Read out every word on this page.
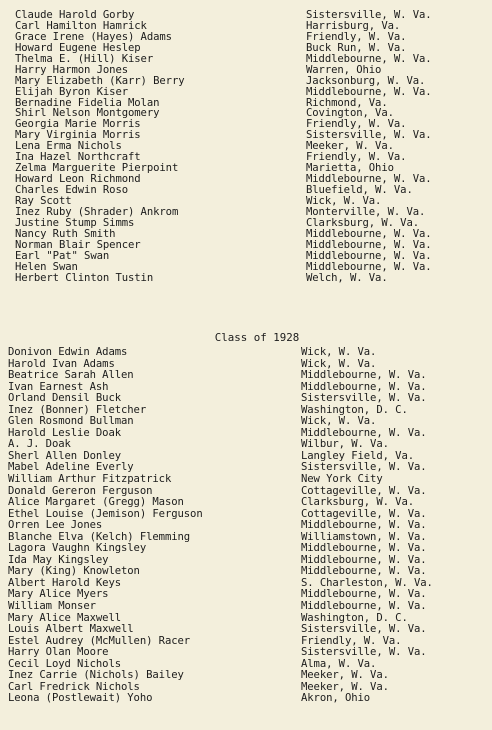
Claude Harold Gorby	Sistersville, W. Va.
Carl Hamilton Hamrick	Harrisburg, Va.
Grace Irene (Hayes) Adams	Friendly, W. Va.
Howard Eugene Heslep	Buck Run, W. Va.
Thelma E. (Hill) Kiser	Middlebourne, W. Va.
Harry Harmon Jones	Warren, Ohio
Mary Elizabeth (Karr) Berry	Jacksonburg, W. Va.
Elijah Byron Kiser	Middlebourne, W. Va.
Bernadine Fidelia Molan	Richmond, Va.
Shirl Nelson Montgomery	Covington, Va.
Georgia Marie Morris	Friendly, W. Va.
Mary Virginia Morris	Sistersville, W. Va.
Lena Erma Nichols	Meeker, W. Va.
Ina Hazel Northcraft	Friendly, W. Va.
Zelma Marguerite Pierpoint	Marietta, Ohio
Howard Leon Richmond	Middlebourne, W. Va.
Charles Edwin Roso	Bluefield, W. Va.
Ray Scott	Wick, W. Va.
Inez Ruby (Shrader) Ankrom	Monterville, W. Va.
Justine Stump Simms	Clarksburg, W. Va.
Nancy Ruth Smith	Middlebourne, W. Va.
Norman Blair Spencer	Middlebourne, W. Va.
Earl "Pat" Swan	Middlebourne, W. Va.
Helen Swan	Middlebourne, W. Va.
Herbert Clinton Tustin	Welch, W. Va.
Class of 1928
Donivon Edwin Adams	Wick, W. Va.
Harold Ivan Adams	Wick, W. Va.
Beatrice Sarah Allen	Middlebourne, W. Va.
Ivan Earnest Ash	Middlebourne, W. Va.
Orland Densil Buck	Sistersville, W. Va.
Inez (Bonner) Fletcher	Washington, D. C.
Glen Rosmond Bullman	Wick, W. Va.
Harold Leslie Doak	Middlebourne, W. Va.
A. J. Doak	Wilbur, W. Va.
Sherl Allen Donley	Langley Field, Va.
Mabel Adeline Everly	Sistersville, W. Va.
William Arthur Fitzpatrick	New York City
Donald Gereron Ferguson	Cottageville, W. Va.
Alice Margaret (Gregg) Mason	Clarksburg, W. Va.
Ethel Louise (Jemison) Ferguson	Cottageville, W. Va.
Orren Lee Jones	Middlebourne, W. Va.
Blanche Elva (Kelch) Flemming	Williamstown, W. Va.
Lagora Vaughn Kingsley	Middlebourne, W. Va.
Ida May Kingsley	Middlebourne, W. Va.
Mary (King) Knowleton	Middlebourne, W. Va.
Albert Harold Keys	S. Charleston, W. Va.
Mary Alice Myers	Middlebourne, W. Va.
William Monser	Middlebourne, W. Va.
Mary Alice Maxwell	Washington, D. C.
Louis Albert Maxwell	Sistersville, W. Va.
Estel Audrey (McMullen) Racer	Friendly, W. Va.
Harry Olan Moore	Sistersville, W. Va.
Cecil Loyd Nichols	Alma, W. Va.
Inez Carrie (Nichols) Bailey	Meeker, W. Va.
Carl Fredrick Nichols	Meeker, W. Va.
Leona (Postlewait) Yoho	Akron, Ohio
